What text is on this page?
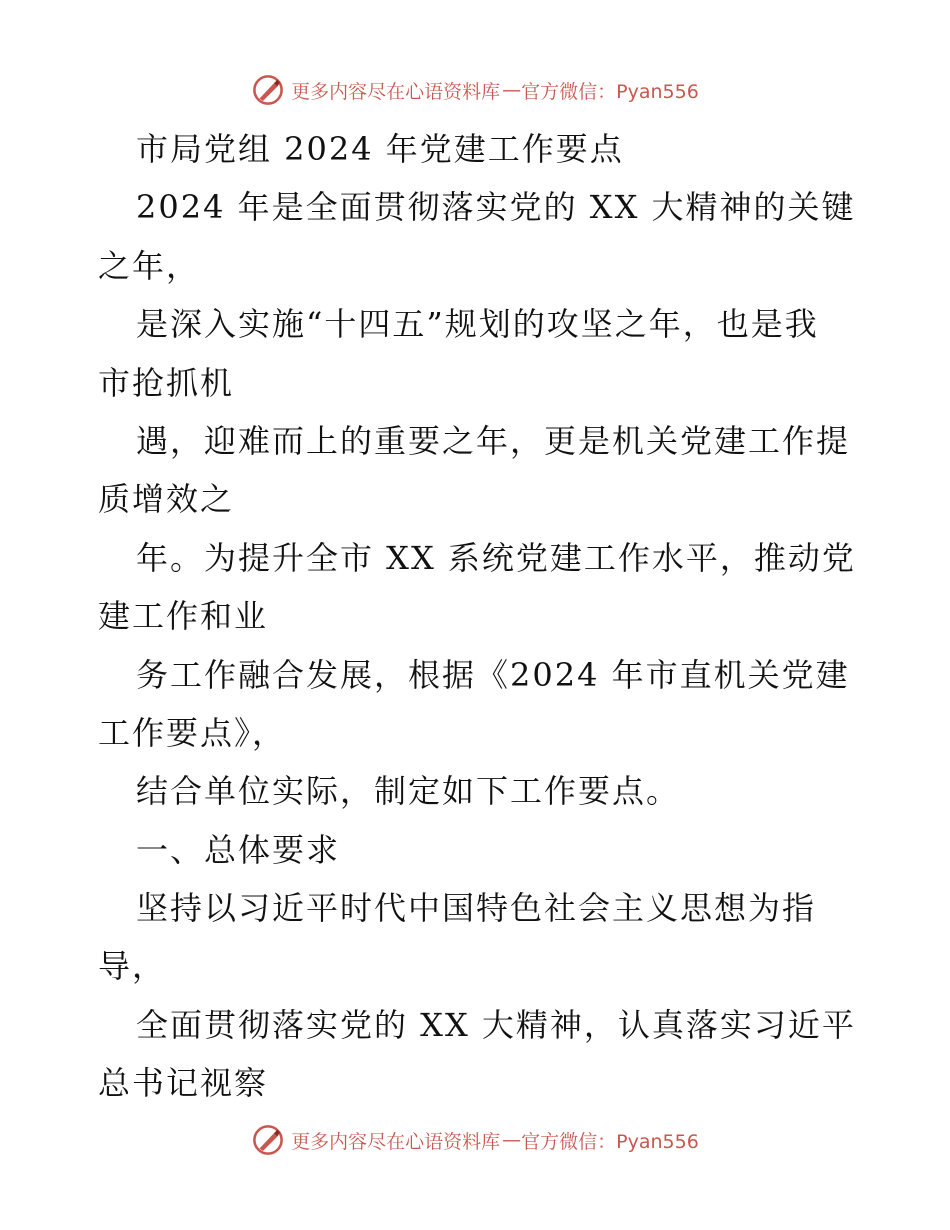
更多内容尽在心语资料库 — 官方微信：Pyan556
市局党组 2024 年党建工作要点
2024 年是全面贯彻落实党的 XX 大精神的关键
之年，
是深入实施“十四五”规划的攻坚之年，也是我
市抢抓机
遇，迎难而上的重要之年，更是机关党建工作提
质增效之
年。为提升全市 XX 系统党建工作水平，推动党
建工作和业
务工作融合发展，根据《2024 年市直机关党建
工作要点》，
结合单位实际，制定如下工作要点。
一、总体要求
坚持以习近平时代中国特色社会主义思想为指
导，
全面贯彻落实党的 XX 大精神，认真落实习近平
总书记视察
更多内容尽在心语资料库 — 官方微信：Pyan556
